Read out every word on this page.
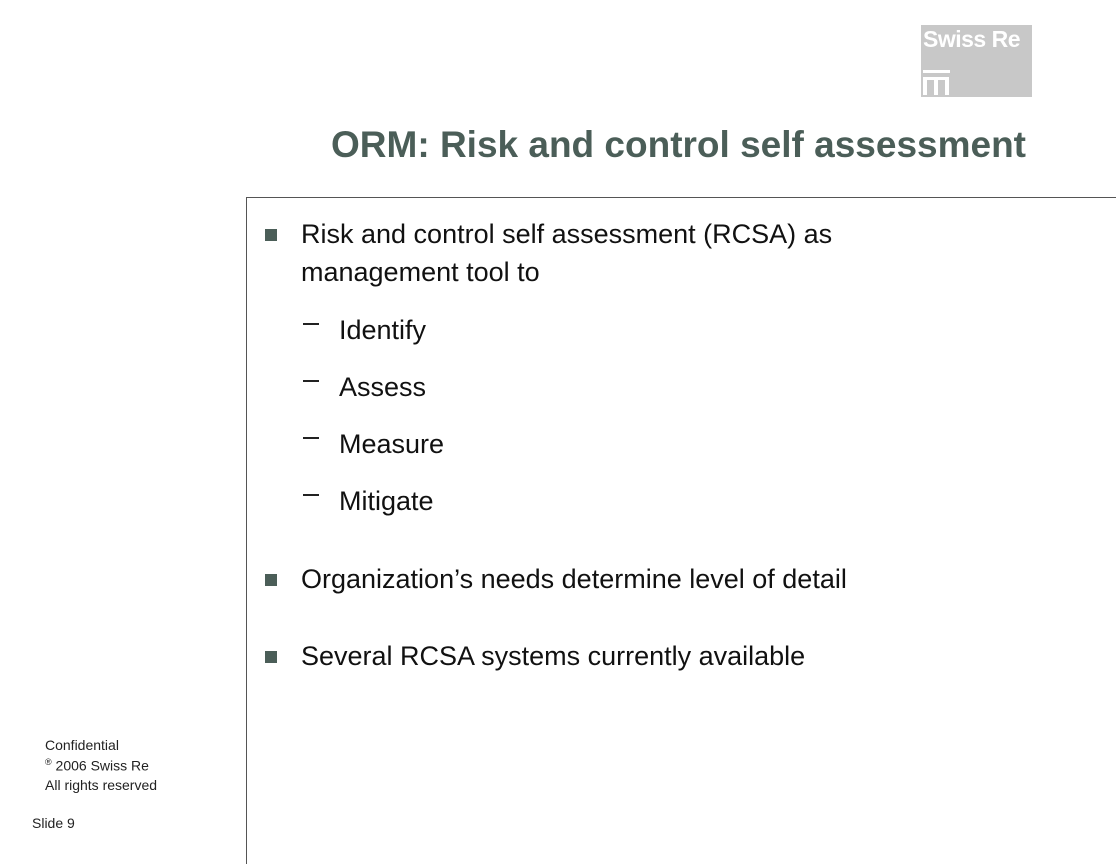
Swiss Re
ORM: Risk and control self assessment
Risk and control self assessment (RCSA) as
management tool to
Identify
Assess
Measure
Mitigate
Organization’s needs determine level of detail
Several RCSA systems currently available
Confidential
® 2006 Swiss Re
All rights reserved
Slide 9
